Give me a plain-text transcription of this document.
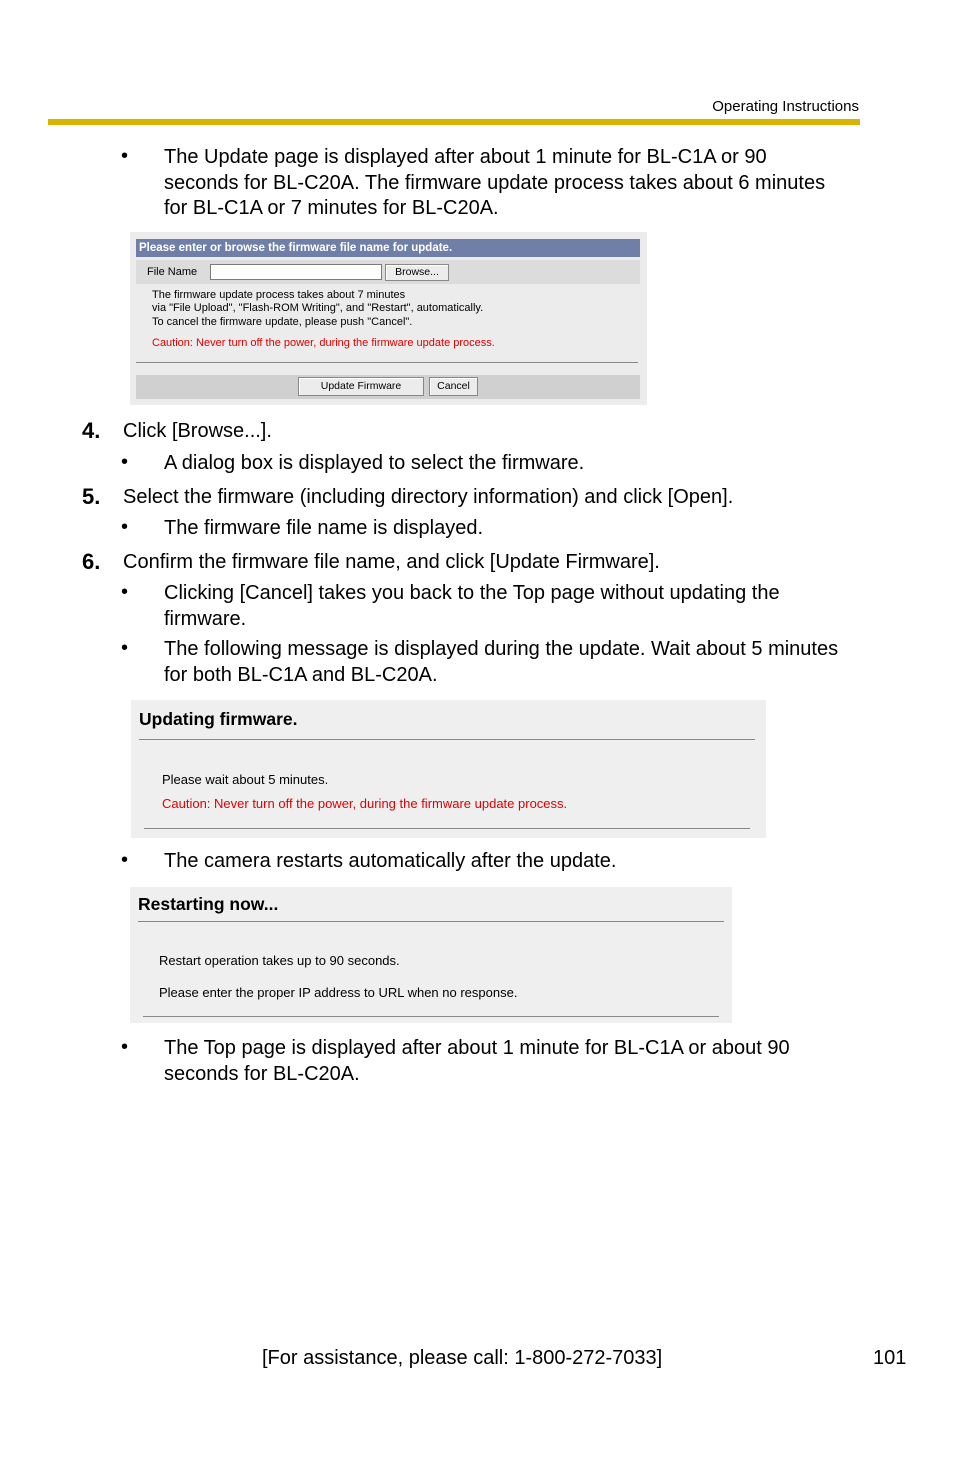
Operating Instructions
• The Update page is displayed after about 1 minute for BL-C1A or 90 seconds for BL-C20A. The firmware update process takes about 6 minutes for BL-C1A or 7 minutes for BL-C20A.
Please enter or browse the firmware file name for update.
File Name	Browse...
The firmware update process takes about 7 minutes
via "File Upload", "Flash-ROM Writing", and "Restart", automatically.
To cancel the firmware update, please push "Cancel".
Caution: Never turn off the power, during the firmware update process.
Update Firmware	Cancel
4. Click [Browse...].
• A dialog box is displayed to select the firmware.
5. Select the firmware (including directory information) and click [Open].
• The firmware file name is displayed.
6. Confirm the firmware file name, and click [Update Firmware].
• Clicking [Cancel] takes you back to the Top page without updating the firmware.
• The following message is displayed during the update. Wait about 5 minutes for both BL-C1A and BL-C20A.
Updating firmware.
Please wait about 5 minutes.
Caution: Never turn off the power, during the firmware update process.
• The camera restarts automatically after the update.
Restarting now...
Restart operation takes up to 90 seconds.
Please enter the proper IP address to URL when no response.
• The Top page is displayed after about 1 minute for BL-C1A or about 90 seconds for BL-C20A.
[For assistance, please call: 1-800-272-7033]	101
